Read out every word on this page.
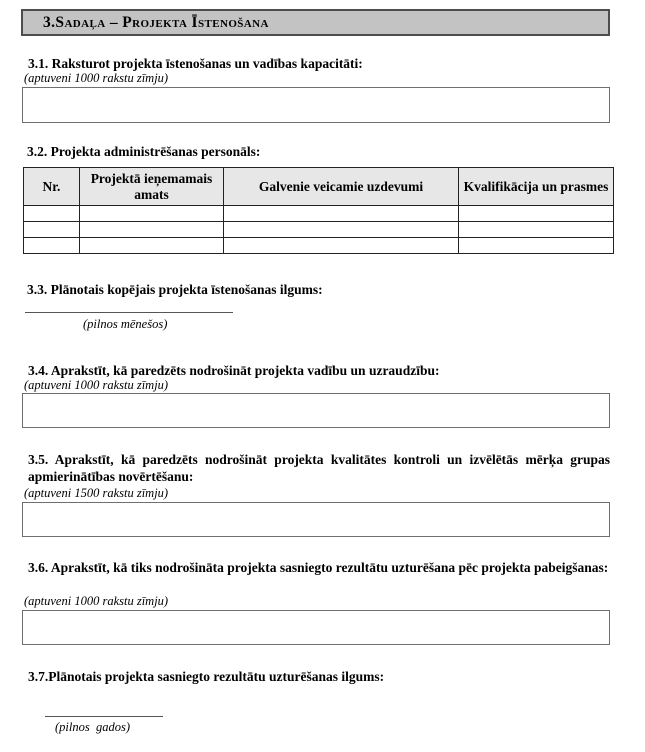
3.Sadaļa – Projekta Īstenošana
3.1. Raksturot projekta īstenošanas un vadības kapacitāti:
(aptuveni 1000 rakstu zīmju)
3.2. Projekta administrēšanas personāls:
Nr.	Projektā ieņemamais amats	Galvenie veicamie uzdevumi	Kvalifikācija un prasmes

3.3. Plānotais kopējais projekta īstenošanas ilgums:
(pilnos mēnešos)
3.4. Aprakstīt, kā paredzēts nodrošināt projekta vadību un uzraudzību:
(aptuveni 1000 rakstu zīmju)
3.5. Aprakstīt, kā paredzēts nodrošināt projekta kvalitātes kontroli un izvēlētās mērķa grupas apmierinātības novērtēšanu:
(aptuveni 1500 rakstu zīmju)
3.6. Aprakstīt, kā tiks nodrošināta projekta sasniegto rezultātu uzturēšana pēc projekta pabeigšanas:
(aptuveni 1000 rakstu zīmju)
3.7.Plānotais projekta sasniegto rezultātu uzturēšanas ilgums:
(pilnos  gados)
